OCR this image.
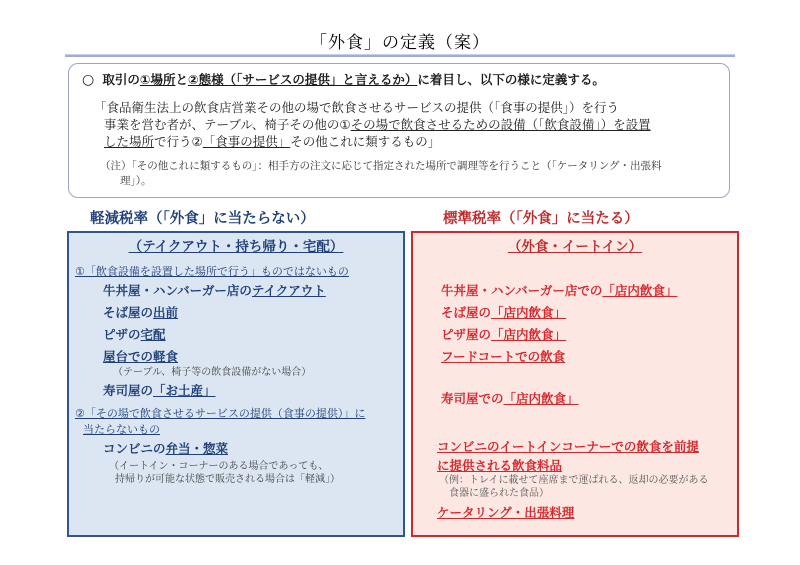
「外食」の定義（案）
○ 取引の①場所と②態様（「サービスの提供」と言えるか）に着目し、以下の様に定義する。
「食品衛生法上の飲食店営業その他の場で飲食させるサービスの提供（「食事の提供」）を行う
事業を営む者が、テーブル、椅子その他の①その場で飲食させるための設備（「飲食設備」）を設置
した場所で行う②「食事の提供」その他これに類するもの」
（注）「その他これに類するもの」：相手方の注文に応じて指定された場所で調理等を行うこと（「ケータリング・出張料
理」）。
軽減税率（「外食」に当たらない）	標準税率（「外食」に当たる）
（テイクアウト・持ち帰り・宅配）
①「飲食設備を設置した場所で行う」ものではないもの
牛丼屋・ハンバーガー店のテイクアウト
そば屋の出前
ピザの宅配
屋台での軽食
（テーブル、椅子等の飲食設備がない場合）
寿司屋の「お土産」
②「その場で飲食させるサービスの提供（食事の提供）」に
当たらないもの
コンビニの弁当・惣菜
（イートイン・コーナーのある場合であっても、
持帰りが可能な状態で販売される場合は「軽減」）
（外食・イートイン）
牛丼屋・ハンバーガー店での「店内飲食」
そば屋の「店内飲食」
ピザ屋の「店内飲食」
フードコートでの飲食
寿司屋での「店内飲食」
コンビニのイートインコーナーでの飲食を前提
に提供される飲食料品
（例：トレイに載せて座席まで運ばれる、返却の必要がある
食器に盛られた食品）
ケータリング・出張料理
